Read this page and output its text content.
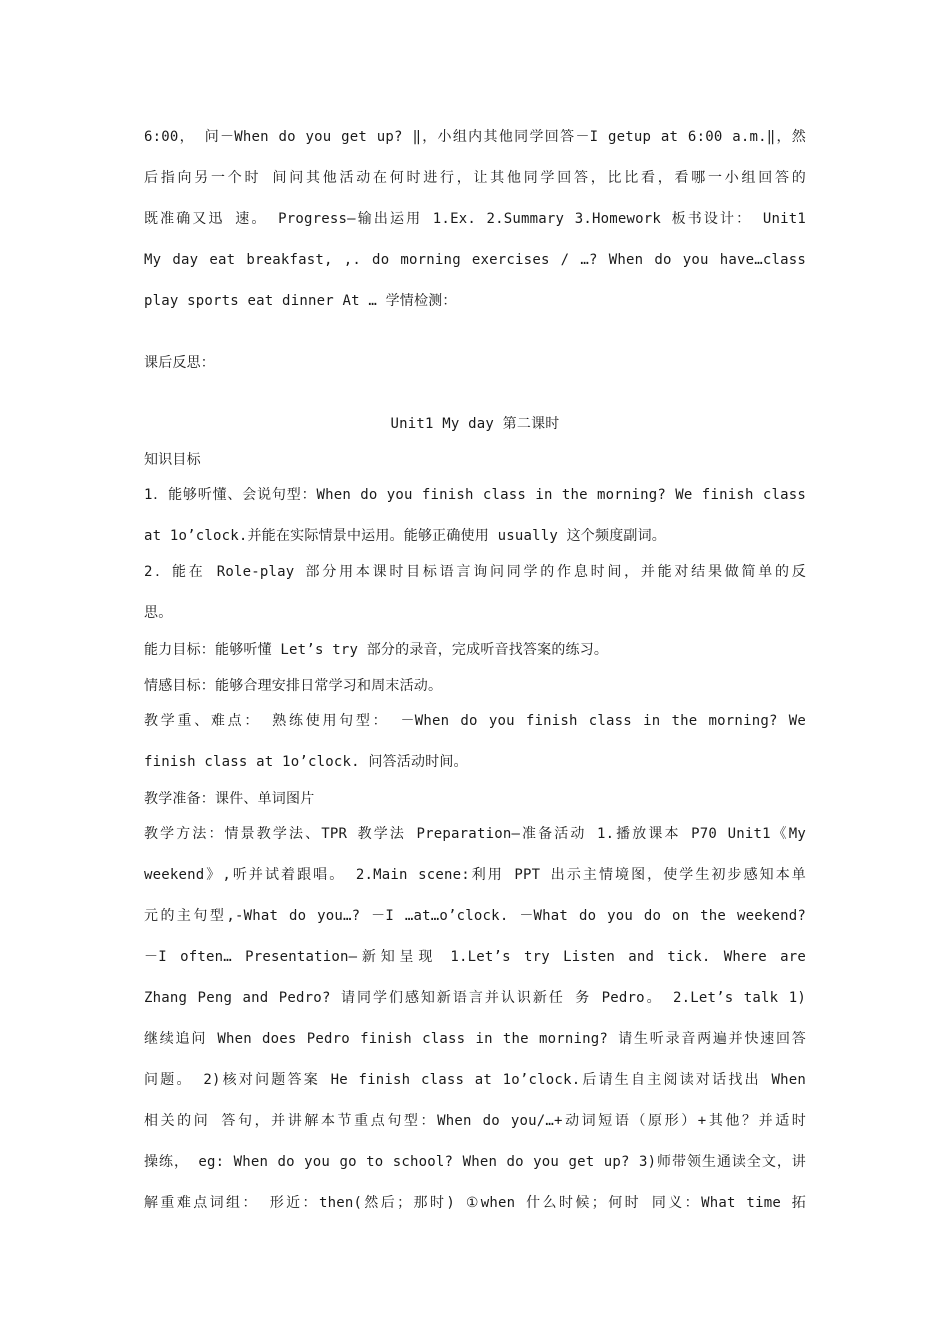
6:00， 问－When do you get up? ‖，小组内其他同学回答－I getup at 6:00 a.m.‖，然
后指向另一个时 间问其他活动在何时进行，让其他同学回答，比比看，看哪一小组回答的
既准确又迅 速。 Progress—输出运用 1.Ex. 2.Summary 3.Homework 板书设计： Unit1
My day eat breakfast, ,. do morning exercises / …? When do you have…class
play sports eat dinner At … 学情检测：
课后反思：
Unit1 My day 第二课时
知识目标
1．能够听懂、会说句型：When do you finish class in the morning? We finish class
at 1o’clock.并能在实际情景中运用。能够正确使用 usually 这个频度副词。
2．能在 Role-play 部分用本课时目标语言询问同学的作息时间，并能对结果做简单的反
思。
能力目标：能够听懂 Let’s try 部分的录音，完成听音找答案的练习。
情感目标：能够合理安排日常学习和周末活动。
教学重、难点： 熟练使用句型： －When do you finish class in the morning? We
finish class at 1o’clock. 问答活动时间。
教学准备：课件、单词图片
教学方法：情景教学法、TPR 教学法 Preparation—准备活动 1.播放课本 P70 Unit1《My
weekend》,听并试着跟唱。 2.Main scene:利用 PPT 出示主情境图，使学生初步感知本单
元的主句型,-What do you…? －I …at…o’clock. －What do you do on the weekend?
－I often… Presentation—新知呈现 1.Let’s try Listen and tick. Where are
Zhang Peng and Pedro? 请同学们感知新语言并认识新任 务 Pedro。 2.Let’s talk 1)
继续追问 When does Pedro finish class in the morning? 请生听录音两遍并快速回答
问题。 2)核对问题答案 He finish class at 1o’clock.后请生自主阅读对话找出 When
相关的问 答句，并讲解本节重点句型：When do you/…+动词短语（原形）+其他？并适时
操练， eg: When do you go to school? When do you get up? 3)师带领生通读全文，讲
解重难点词组： 形近：then(然后；那时) ①when 什么时候；何时 同义：What time 拓
